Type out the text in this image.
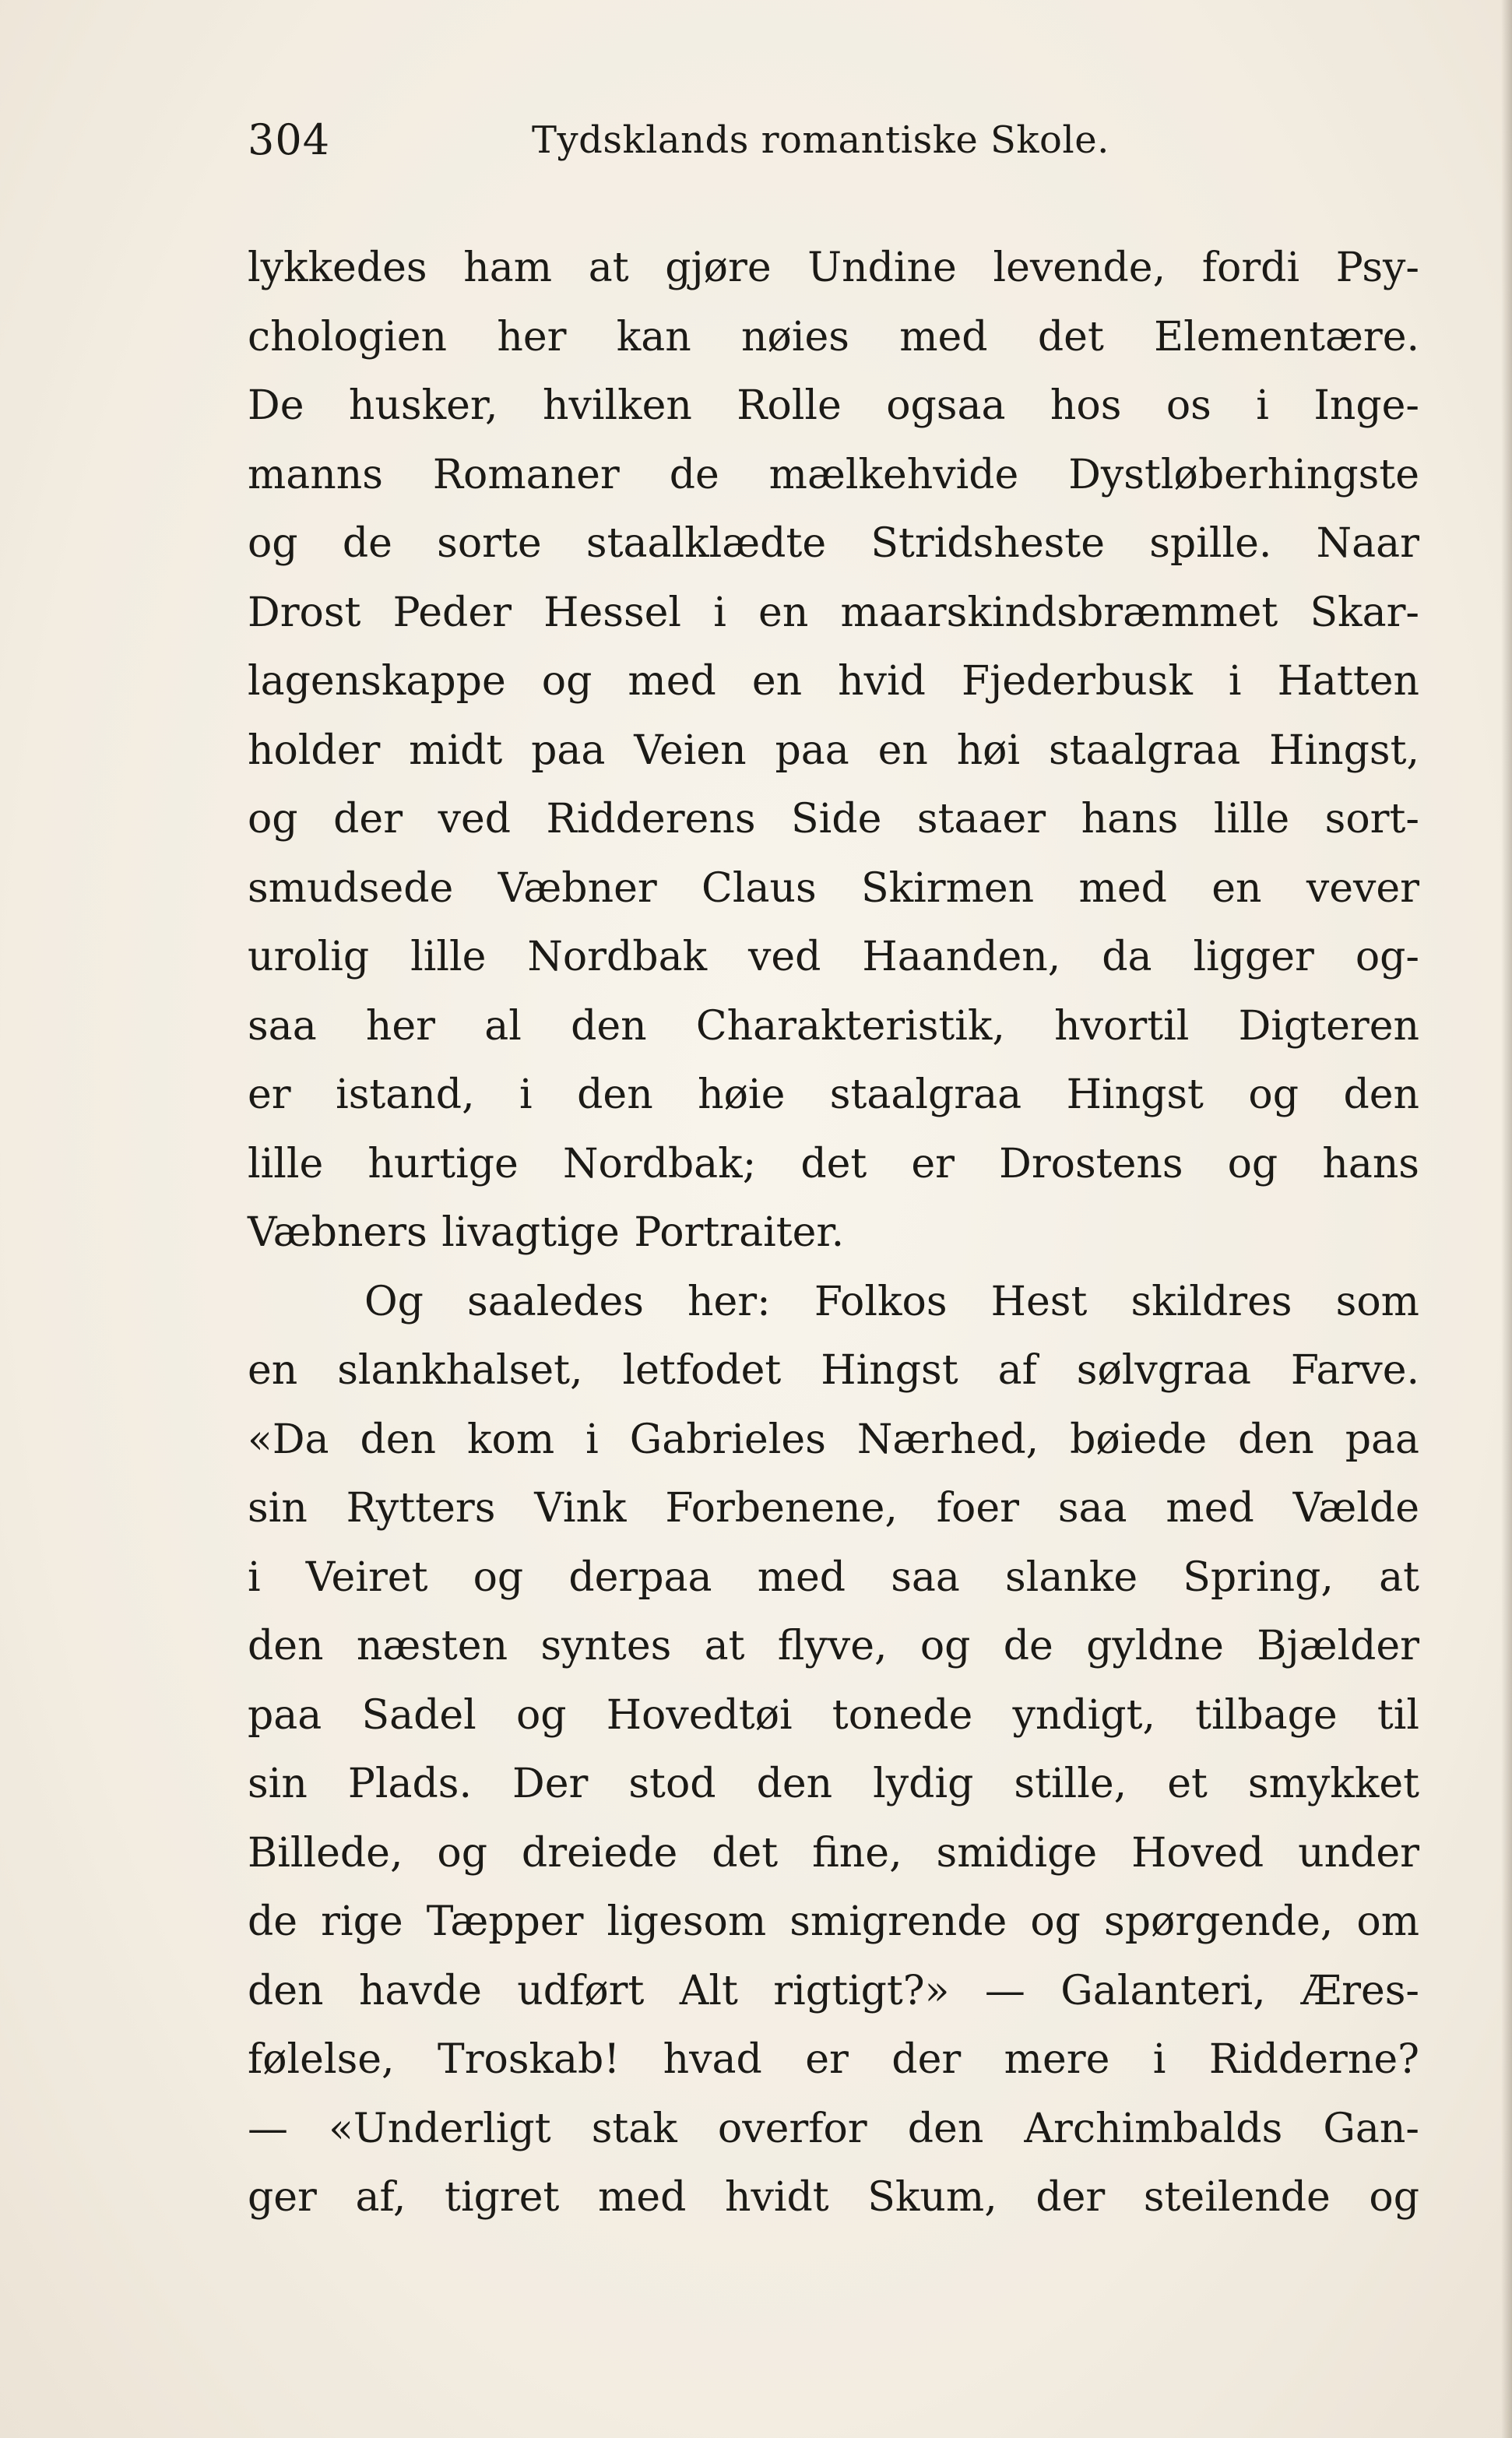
304	Tydsklands romantiske Skole.
lykkedes ham at gjøre Undine levende, fordi Psy-
chologien her kan nøies med det Elementære.
De husker, hvilken Rolle ogsaa hos os i Inge-
manns Romaner de mælkehvide Dystløberhingste
og de sorte staalklædte Stridsheste spille. Naar
Drost Peder Hessel i en maarskindsbræmmet Skar-
lagenskappe og med en hvid Fjederbusk i Hatten
holder midt paa Veien paa en høi staalgraa Hingst,
og der ved Ridderens Side staaer hans lille sort-
smudsede Væbner Claus Skirmen med en vever
urolig lille Nordbak ved Haanden, da ligger og-
saa her al den Charakteristik, hvortil Digteren
er istand, i den høie staalgraa Hingst og den
lille hurtige Nordbak; det er Drostens og hans
Væbners livagtige Portraiter.
Og saaledes her: Folkos Hest skildres som
en slankhalset, letfodet Hingst af sølvgraa Farve.
«Da den kom i Gabrieles Nærhed, bøiede den paa
sin Rytters Vink Forbenene, foer saa med Vælde
i Veiret og derpaa med saa slanke Spring, at
den næsten syntes at flyve, og de gyldne Bjælder
paa Sadel og Hovedtøi tonede yndigt, tilbage til
sin Plads. Der stod den lydig stille, et smykket
Billede, og dreiede det fine, smidige Hoved under
de rige Tæpper ligesom smigrende og spørgende, om
den havde udført Alt rigtigt?» — Galanteri, Æres-
følelse, Troskab! hvad er der mere i Ridderne?
— «Underligt stak overfor den Archimbalds Gan-
ger af, tigret med hvidt Skum, der steilende og
